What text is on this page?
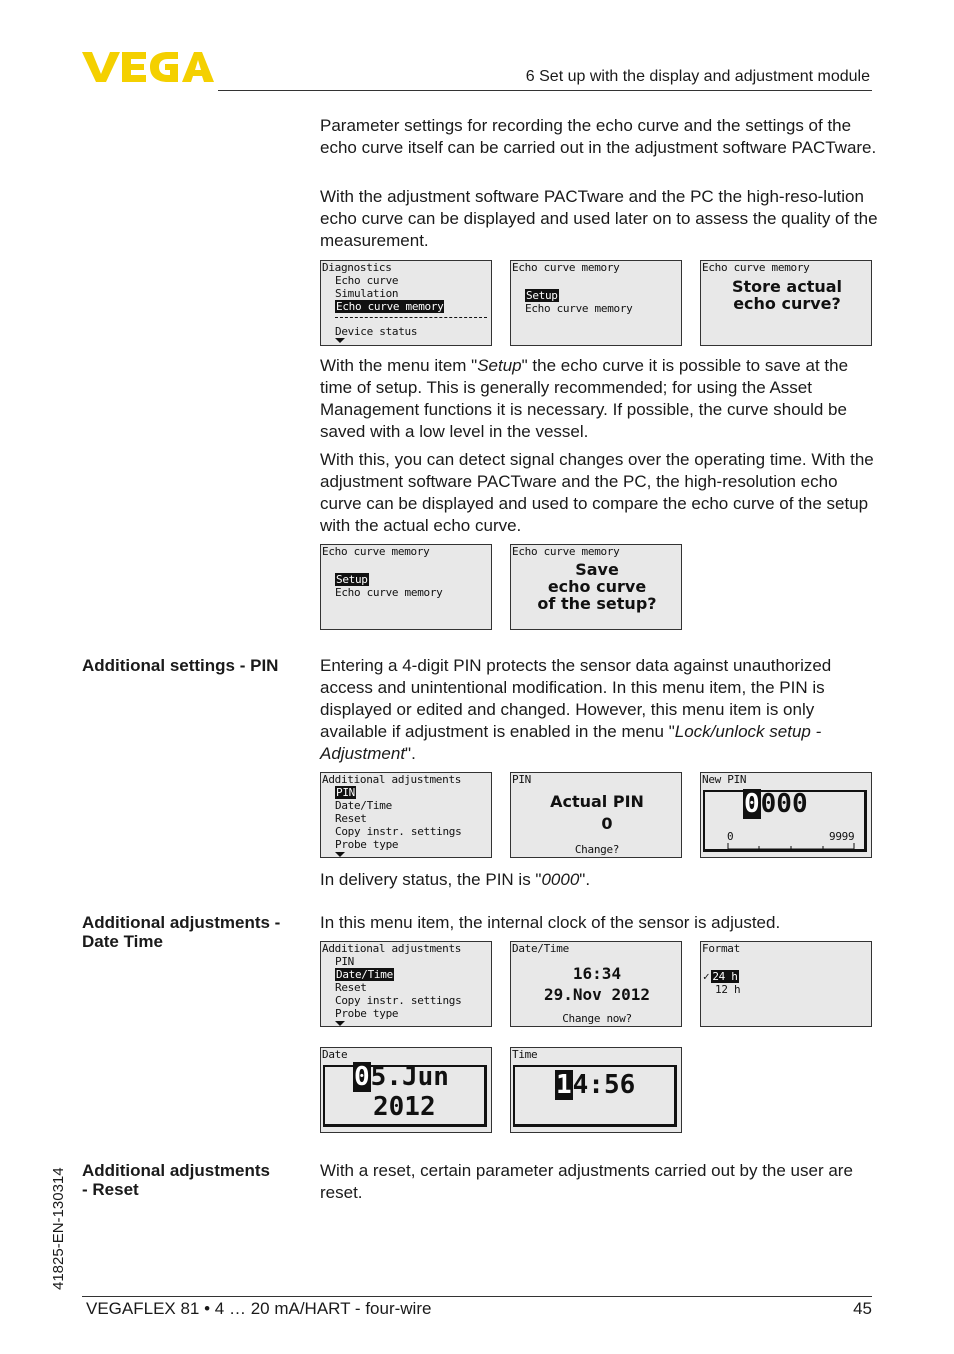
6 Set up with the display and adjustment module

Parameter settings for recording the echo curve and the settings of the echo curve itself can be carried out in the adjustment software PACTware.

With the adjustment software PACTware and the PC the high-reso-lution echo curve can be displayed and used later on to assess the quality of the measurement.

Diagnostics
Echo curve
Simulation
Echo curve memory
Device status
Echo curve memory
Setup
Echo curve memory
Echo curve memory
Store actual
echo curve?

With the menu item "Setup" the echo curve it is possible to save at the time of setup. This is generally recommended; for using the Asset Management functions it is necessary. If possible, the curve should be saved with a low level in the vessel.

With this, you can detect signal changes over the operating time. With the adjustment software PACTware and the PC, the high-resolution echo curve can be displayed and used to compare the echo curve of the setup with the actual echo curve.

Echo curve memory
Setup
Echo curve memory
Echo curve memory
Save
echo curve
of the setup?
Additional settings - PIN	Entering a 4-digit PIN protects the sensor data against unauthorized access and unintentional modification. In this menu item, the PIN is displayed or edited and changed. However, this menu item is only available if adjustment is enabled in the menu "Lock/unlock setup - Adjustment".

Additional adjustments
PIN
Date/Time
Reset
Copy instr. settings
Probe type
PIN
Actual PIN
0
Change?
New PIN
0000
0	9999

In delivery status, the PIN is "0000".

Additional adjustments -
Date Time

In this menu item, the internal clock of the sensor is adjusted.

Additional adjustments
PIN
Date/Time
Reset
Copy instr. settings
Probe type
Date/Time
16:34
29.Nov 2012
Change now?
Format
✓ 24 h
12 h
Date
05.Jun
2012
Time
14:56
Additional adjustments
- Reset

With a reset, certain parameter adjustments carried out by the user are reset.

41825-EN-130314
VEGAFLEX 81 • 4 … 20 mA/HART - four-wire	45
